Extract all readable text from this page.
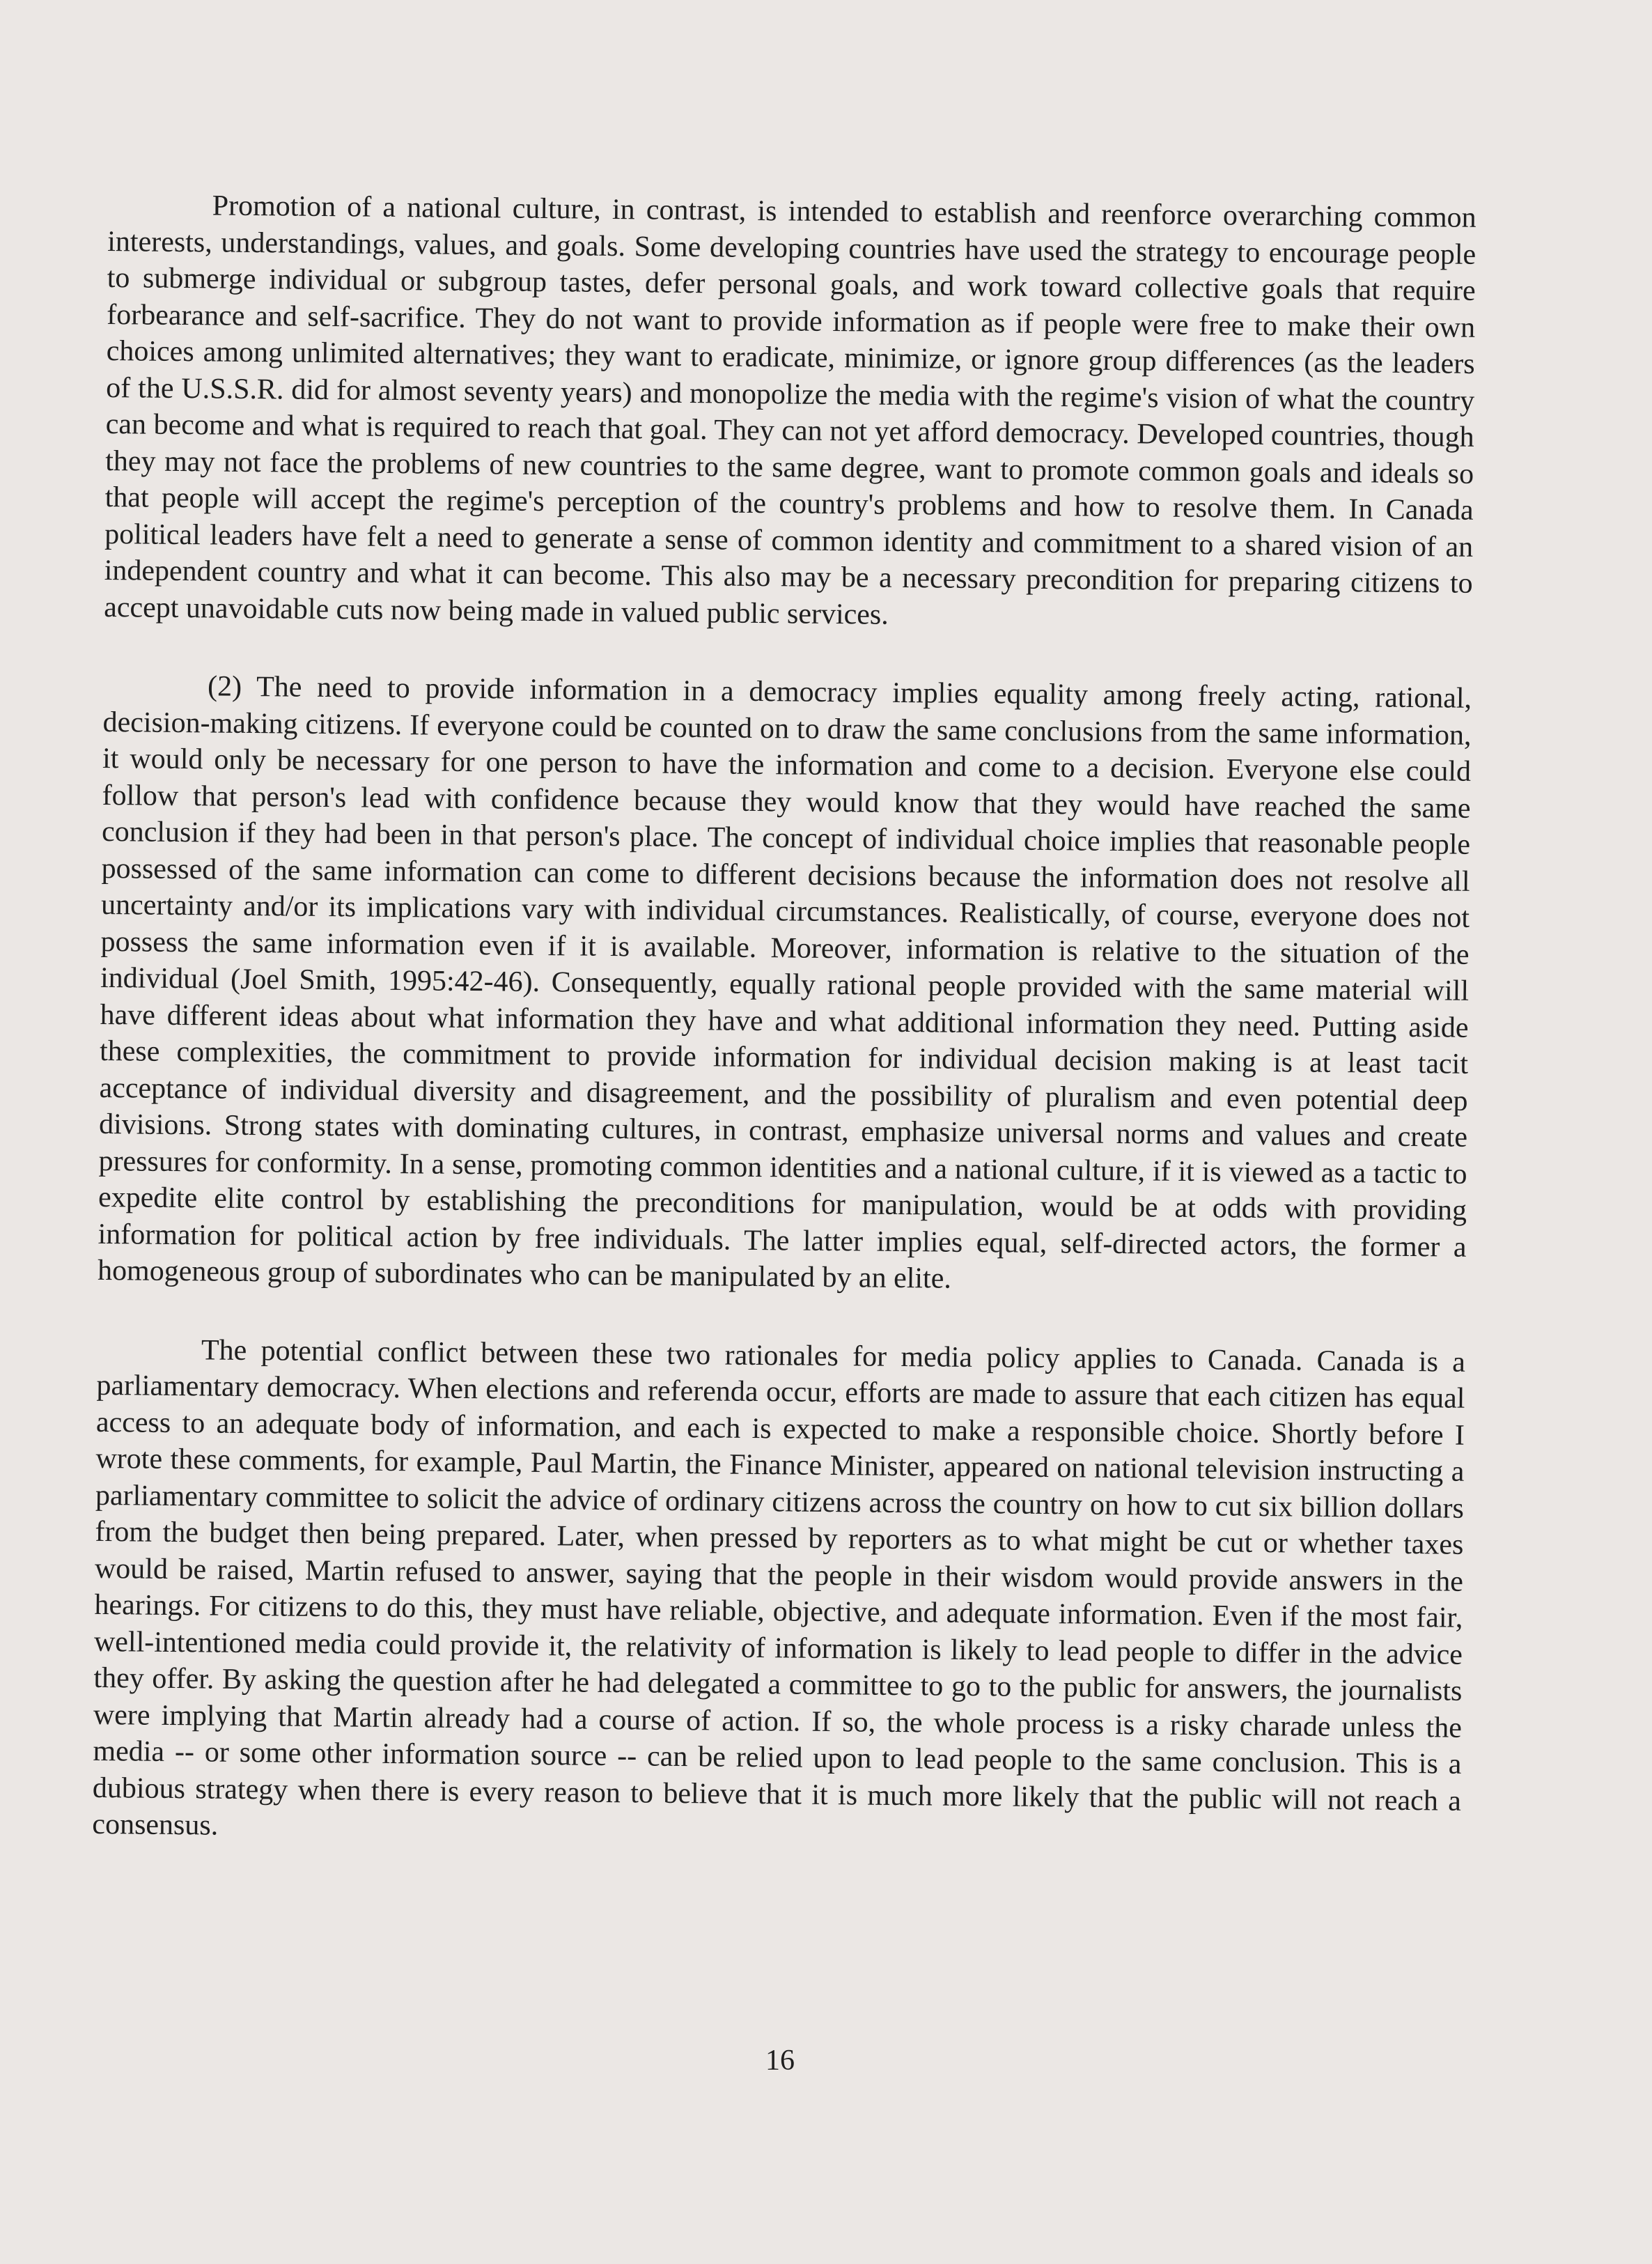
Promotion of a national culture, in contrast, is intended to establish and reenforce overarching common interests, understandings, values, and goals. Some developing countries have used the strategy to encourage people to submerge individual or subgroup tastes, defer personal goals, and work toward collective goals that require forbearance and self-sacrifice. They do not want to provide information as if people were free to make their own choices among unlimited alternatives; they want to eradicate, minimize, or ignore group differences (as the leaders of the U.S.S.R. did for almost seventy years) and monopolize the media with the regime's vision of what the country can become and what is required to reach that goal. They can not yet afford democracy. Developed countries, though they may not face the problems of new countries to the same degree, want to promote common goals and ideals so that people will accept the regime's perception of the country's problems and how to resolve them. In Canada political leaders have felt a need to generate a sense of common identity and commitment to a shared vision of an independent country and what it can become. This also may be a necessary precondition for preparing citizens to accept unavoidable cuts now being made in valued public services.

(2) The need to provide information in a democracy implies equality among freely acting, rational, decision-making citizens. If everyone could be counted on to draw the same conclusions from the same information, it would only be necessary for one person to have the information and come to a decision. Everyone else could follow that person's lead with confidence because they would know that they would have reached the same conclusion if they had been in that person's place. The concept of individual choice implies that reasonable people possessed of the same information can come to different decisions because the information does not resolve all uncertainty and/or its implications vary with individual circumstances. Realistically, of course, everyone does not possess the same information even if it is available. Moreover, information is relative to the situation of the individual (Joel Smith, 1995:42-46). Consequently, equally rational people provided with the same material will have different ideas about what information they have and what additional information they need. Putting aside these complexities, the commitment to provide information for individual decision making is at least tacit acceptance of individual diversity and disagreement, and the possibility of pluralism and even potential deep divisions. Strong states with dominating cultures, in contrast, emphasize universal norms and values and create pressures for conformity. In a sense, promoting common identities and a national culture, if it is viewed as a tactic to expedite elite control by establishing the preconditions for manipulation, would be at odds with providing information for political action by free individuals. The latter implies equal, self-directed actors, the former a homogeneous group of subordinates who can be manipulated by an elite.

The potential conflict between these two rationales for media policy applies to Canada. Canada is a parliamentary democracy. When elections and referenda occur, efforts are made to assure that each citizen has equal access to an adequate body of information, and each is expected to make a responsible choice. Shortly before I wrote these comments, for example, Paul Martin, the Finance Minister, appeared on national television instructing a parliamentary committee to solicit the advice of ordinary citizens across the country on how to cut six billion dollars from the budget then being prepared. Later, when pressed by reporters as to what might be cut or whether taxes would be raised, Martin refused to answer, saying that the people in their wisdom would provide answers in the hearings. For citizens to do this, they must have reliable, objective, and adequate information. Even if the most fair, well-intentioned media could provide it, the relativity of information is likely to lead people to differ in the advice they offer. By asking the question after he had delegated a committee to go to the public for answers, the journalists were implying that Martin already had a course of action. If so, the whole process is a risky charade unless the media -- or some other information source -- can be relied upon to lead people to the same conclusion. This is a dubious strategy when there is every reason to believe that it is much more likely that the public will not reach a consensus.

16
